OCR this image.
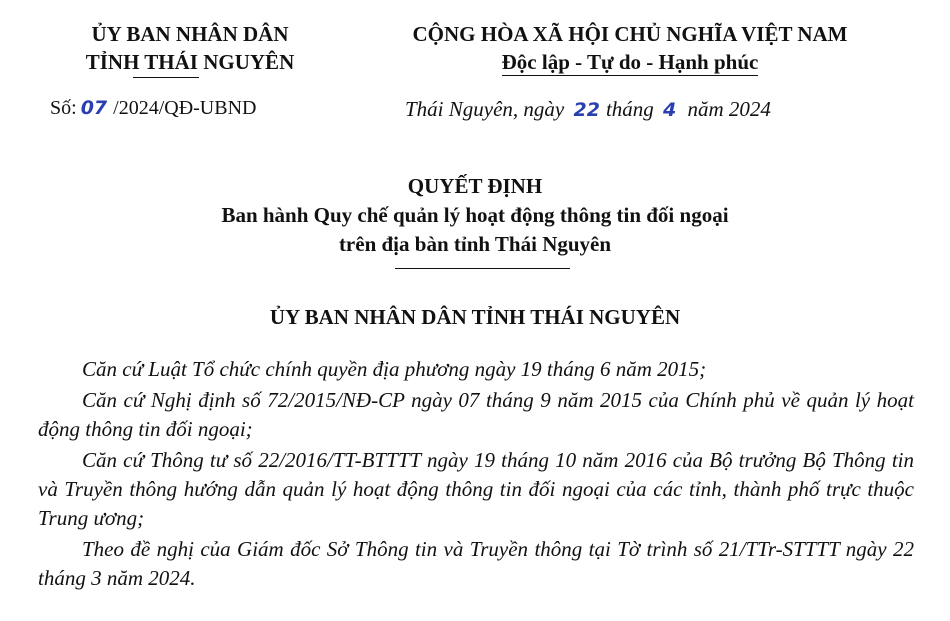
ỦY BAN NHÂN DÂN
TỈNH THÁI NGUYÊN
CỘNG HÒA XÃ HỘI CHỦ NGHĨA VIỆT NAM
Độc lập - Tự do - Hạnh phúc
Số: 07 /2024/QĐ-UBND	Thái Nguyên, ngày 22 tháng 4 năm 2024
QUYẾT ĐỊNH
Ban hành Quy chế quản lý hoạt động thông tin đối ngoại
trên địa bàn tỉnh Thái Nguyên
ỦY BAN NHÂN DÂN TỈNH THÁI NGUYÊN

Căn cứ Luật Tổ chức chính quyền địa phương ngày 19 tháng 6 năm 2015;

Căn cứ Nghị định số 72/2015/NĐ-CP ngày 07 tháng 9 năm 2015 của Chính phủ về quản lý hoạt động thông tin đối ngoại;

Căn cứ Thông tư số 22/2016/TT-BTTTT ngày 19 tháng 10 năm 2016 của Bộ trưởng Bộ Thông tin và Truyền thông hướng dẫn quản lý hoạt động thông tin đối ngoại của các tỉnh, thành phố trực thuộc Trung ương;

Theo đề nghị của Giám đốc Sở Thông tin và Truyền thông tại Tờ trình số 21/TTr-STTTT ngày 22 tháng 3 năm 2024.
